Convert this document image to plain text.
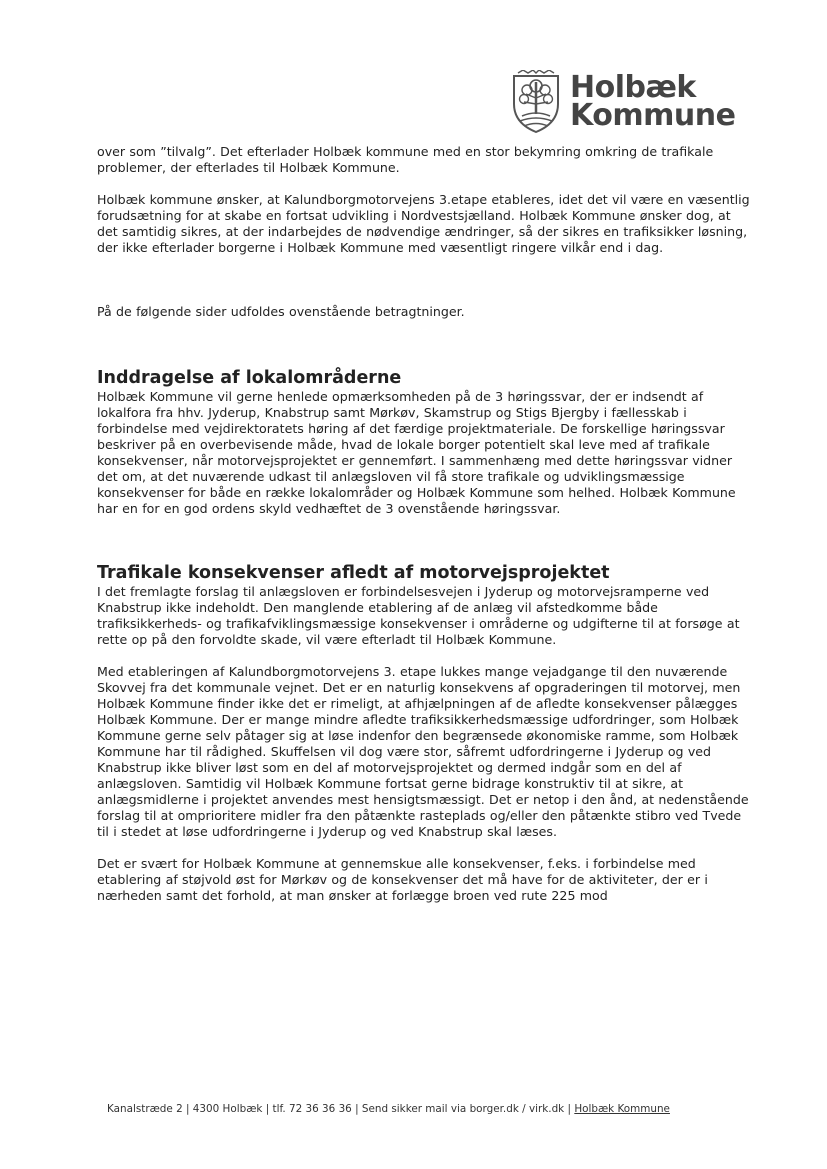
Holbæk
Kommune

over som ”tilvalg”. Det efterlader Holbæk kommune med en stor bekymring omkring de trafikale problemer, der efterlades til Holbæk Kommune.

Holbæk kommune ønsker, at Kalundborgmotorvejens 3.etape etableres, idet det vil være en væsentlig forudsætning for at skabe en fortsat udvikling i Nordvestsjælland. Holbæk Kommune ønsker dog, at det samtidig sikres, at der indarbejdes de nødvendige ændringer, så der sikres en trafiksikker løsning, der ikke efterlader borgerne i Holbæk Kommune med væsentligt ringere vilkår end i dag.

På de følgende sider udfoldes ovenstående betragtninger.

Inddragelse af lokalområderne

Holbæk Kommune vil gerne henlede opmærksomheden på de 3 høringssvar, der er indsendt af lokalfora fra hhv. Jyderup, Knabstrup samt Mørkøv, Skamstrup og Stigs Bjergby i fællesskab i forbindelse med vejdirektoratets høring af det færdige projektmateriale. De forskellige høringssvar beskriver på en overbevisende måde, hvad de lokale borger potentielt skal leve med af trafikale konsekvenser, når motorvejsprojektet er gennemført. I sammenhæng med dette høringssvar vidner det om, at det nuværende udkast til anlægsloven vil få store trafikale og udviklingsmæssige konsekvenser for både en række lokalområder og Holbæk Kommune som helhed. Holbæk Kommune har en for en god ordens skyld vedhæftet de 3 ovenstående høringssvar.

Trafikale konsekvenser afledt af motorvejsprojektet

I det fremlagte forslag til anlægsloven er forbindelsesvejen i Jyderup og motorvejsramperne ved Knabstrup ikke indeholdt. Den manglende etablering af de anlæg vil afstedkomme både trafiksikkerheds- og trafikafviklingsmæssige konsekvenser i områderne og udgifterne til at forsøge at rette op på den forvoldte skade, vil være efterladt til Holbæk Kommune.

Med etableringen af Kalundborgmotorvejens 3. etape lukkes mange vejadgange til den nuværende Skovvej fra det kommunale vejnet. Det er en naturlig konsekvens af opgraderingen til motorvej, men Holbæk Kommune finder ikke det er rimeligt, at afhjælpningen af de afledte konsekvenser pålægges Holbæk Kommune. Der er mange mindre afledte trafiksikkerhedsmæssige udfordringer, som Holbæk Kommune gerne selv påtager sig at løse indenfor den begrænsede økonomiske ramme, som Holbæk Kommune har til rådighed. Skuffelsen vil dog være stor, såfremt udfordringerne i Jyderup og ved Knabstrup ikke bliver løst som en del af motorvejsprojektet og dermed indgår som en del af anlægsloven. Samtidig vil Holbæk Kommune fortsat gerne bidrage konstruktiv til at sikre, at anlægsmidlerne i projektet anvendes mest hensigtsmæssigt. Det er netop i den ånd, at nedenstående forslag til at omprioritere midler fra den påtænkte rasteplads og/eller den påtænkte stibro ved Tvede til i stedet at løse udfordringerne i Jyderup og ved Knabstrup skal læses.

Det er svært for Holbæk Kommune at gennemskue alle konsekvenser, f.eks. i forbindelse med etablering af støjvold øst for Mørkøv og de konsekvenser det må have for de aktiviteter, der er i nærheden samt det forhold, at man ønsker at forlægge broen ved rute 225 mod

Kanalstræde 2 | 4300 Holbæk | tlf. 72 36 36 36 | Send sikker mail via borger.dk / virk.dk | Holbæk Kommune
